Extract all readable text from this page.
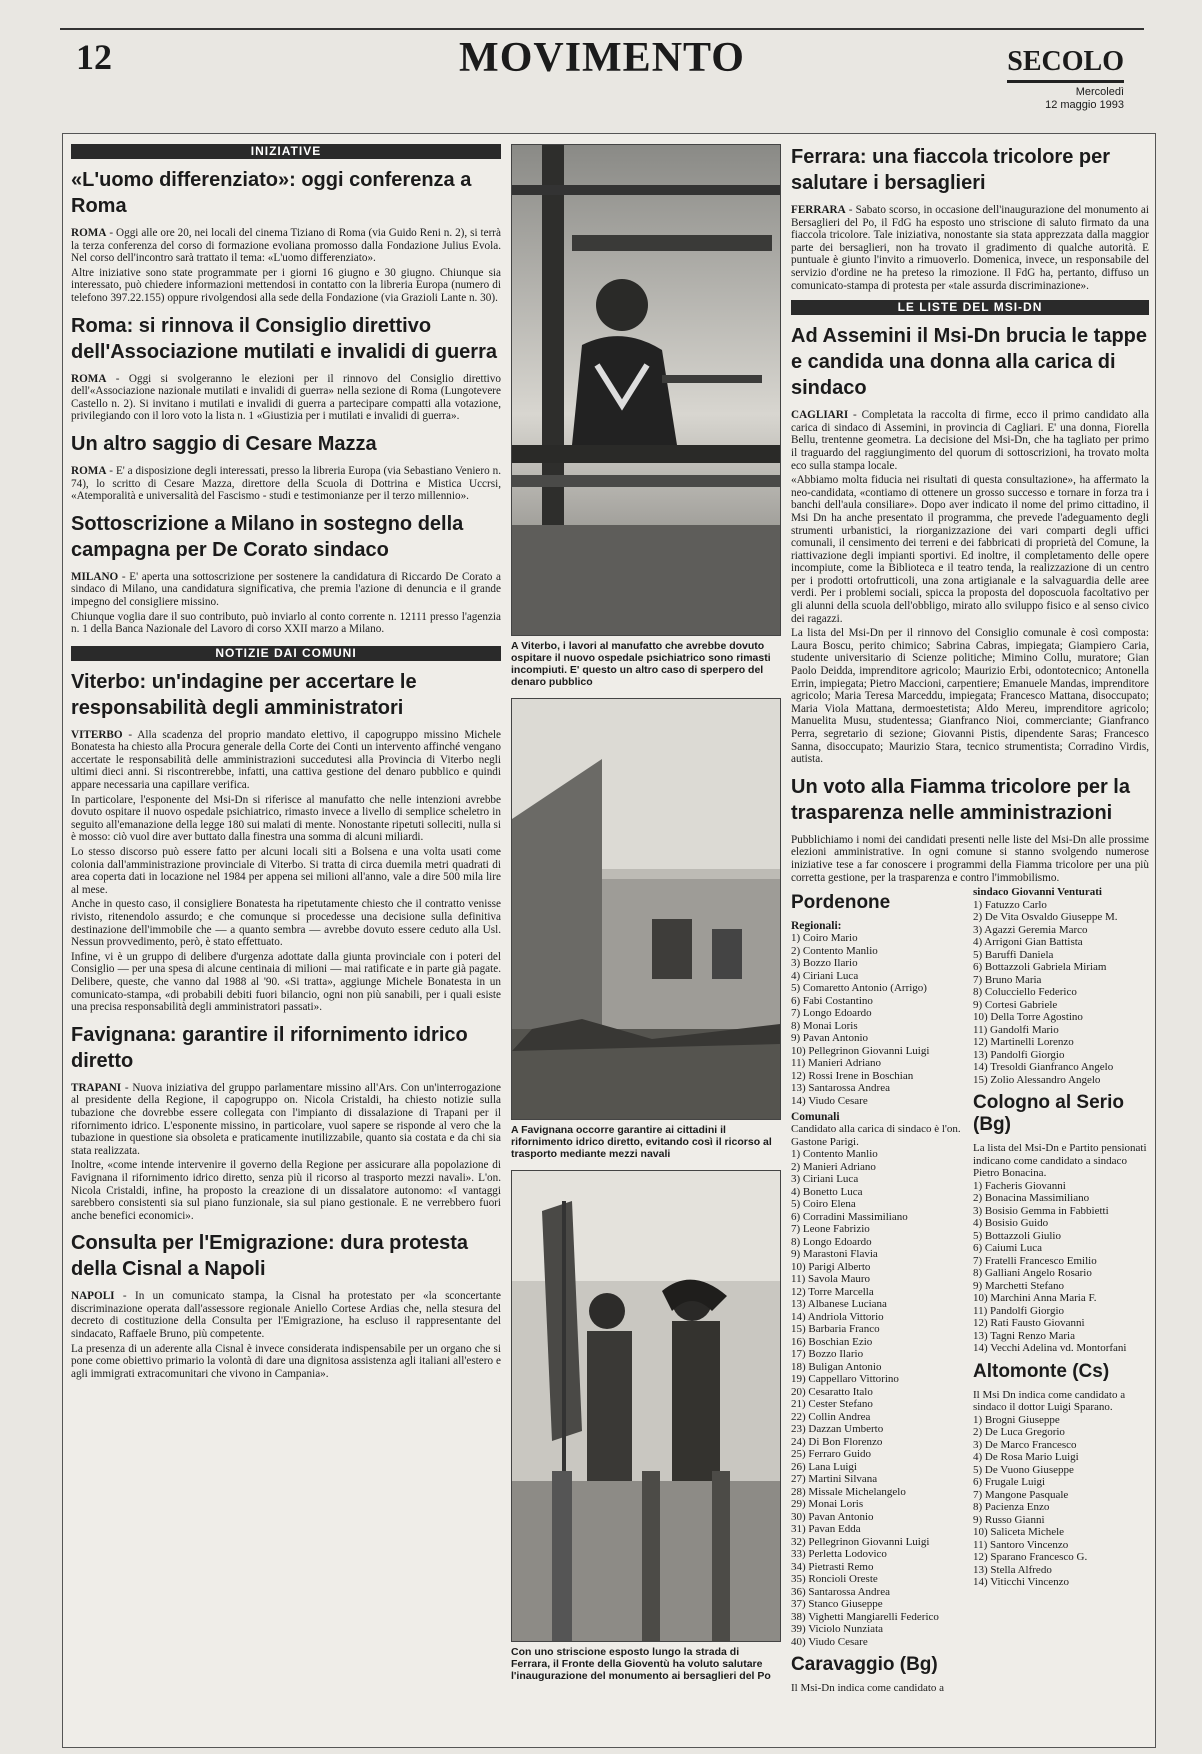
12	MOVIMENTO	SECOLO
Mercoledì
12 maggio 1993
INIZIATIVE
«L'uomo differenziato»: oggi conferenza a Roma

ROMA - Oggi alle ore 20, nei locali del cinema Tiziano di Roma (via Guido Reni n. 2), si terrà la terza conferenza del corso di formazione evoliana promosso dalla Fondazione Julius Evola. Nel corso dell'incontro sarà trattato il tema: «L'uomo differenziato».

Altre iniziative sono state programmate per i giorni 16 giugno e 30 giugno. Chiunque sia interessato, può chiedere informazioni mettendosi in contatto con la libreria Europa (numero di telefono 397.22.155) oppure rivolgendosi alla sede della Fondazione (via Grazioli Lante n. 30).

Roma: si rinnova il Consiglio direttivo dell'Associazione mutilati e invalidi di guerra

ROMA - Oggi si svolgeranno le elezioni per il rinnovo del Consiglio direttivo dell'«Associazione nazionale mutilati e invalidi di guerra» nella sezione di Roma (Lungotevere Castello n. 2). Si invitano i mutilati e invalidi di guerra a partecipare compatti alla votazione, privilegiando con il loro voto la lista n. 1 «Giustizia per i mutilati e invalidi di guerra».

Un altro saggio di Cesare Mazza

ROMA - E' a disposizione degli interessati, presso la libreria Europa (via Sebastiano Veniero n. 74), lo scritto di Cesare Mazza, direttore della Scuola di Dottrina e Mistica Uccrsi, «Atemporalità e universalità del Fascismo - studi e testimonianze per il terzo millennio».

Sottoscrizione a Milano in sostegno della campagna per De Corato sindaco

MILANO - E' aperta una sottoscrizione per sostenere la candidatura di Riccardo De Corato a sindaco di Milano, una candidatura significativa, che premia l'azione di denuncia e il grande impegno del consigliere missino.

Chiunque voglia dare il suo contributo, può inviarlo al conto corrente n. 12111 presso l'agenzia n. 1 della Banca Nazionale del Lavoro di corso XXII marzo a Milano.

NOTIZIE DAI COMUNI
Viterbo: un'indagine per accertare le responsabilità degli amministratori

VITERBO - Alla scadenza del proprio mandato elettivo, il capogruppo missino Michele Bonatesta ha chiesto alla Procura generale della Corte dei Conti un intervento affinché vengano accertate le responsabilità delle amministrazioni succedutesi alla Provincia di Viterbo negli ultimi dieci anni. Si riscontrerebbe, infatti, una cattiva gestione del denaro pubblico e quindi appare necessaria una capillare verifica.

In particolare, l'esponente del Msi-Dn si riferisce al manufatto che nelle intenzioni avrebbe dovuto ospitare il nuovo ospedale psichiatrico, rimasto invece a livello di semplice scheletro in seguito all'emanazione della legge 180 sui malati di mente. Nonostante ripetuti solleciti, nulla si è mosso: ciò vuol dire aver buttato dalla finestra una somma di alcuni miliardi.

Lo stesso discorso può essere fatto per alcuni locali siti a Bolsena e una volta usati come colonia dall'amministrazione provinciale di Viterbo. Si tratta di circa duemila metri quadrati di area coperta dati in locazione nel 1984 per appena sei milioni all'anno, vale a dire 500 mila lire al mese.

Anche in questo caso, il consigliere Bonatesta ha ripetutamente chiesto che il contratto venisse rivisto, ritenendolo assurdo; e che comunque si procedesse una decisione sulla definitiva destinazione dell'immobile che — a quanto sembra — avrebbe dovuto essere ceduto alla Usl. Nessun provvedimento, però, è stato effettuato.

Infine, vi è un gruppo di delibere d'urgenza adottate dalla giunta provinciale con i poteri del Consiglio — per una spesa di alcune centinaia di milioni — mai ratificate e in parte già pagate. Delibere, queste, che vanno dal 1988 al '90. «Si tratta», aggiunge Michele Bonatesta in un comunicato-stampa, «di probabili debiti fuori bilancio, ogni non più sanabili, per i quali esiste una precisa responsabilità degli amministratori passati».

Favignana: garantire il rifornimento idrico diretto

TRAPANI - Nuova iniziativa del gruppo parlamentare missino all'Ars. Con un'interrogazione al presidente della Regione, il capogruppo on. Nicola Cristaldi, ha chiesto notizie sulla tubazione che dovrebbe essere collegata con l'impianto di dissalazione di Trapani per il rifornimento idrico. L'esponente missino, in particolare, vuol sapere se risponde al vero che la tubazione in questione sia obsoleta e praticamente inutilizzabile, quanto sia costata e da chi sia stata realizzata.

Inoltre, «come intende intervenire il governo della Regione per assicurare alla popolazione di Favignana il rifornimento idrico diretto, senza più il ricorso al trasporto mezzi navali». L'on. Nicola Cristaldi, infine, ha proposto la creazione di un dissalatore autonomo: «I vantaggi sarebbero consistenti sia sul piano funzionale, sia sul piano gestionale. E ne verrebbero fuori anche benefici economici».

Consulta per l'Emigrazione: dura protesta della Cisnal a Napoli

NAPOLI - In un comunicato stampa, la Cisnal ha protestato per «la sconcertante discriminazione operata dall'assessore regionale Aniello Cortese Ardias che, nella stesura del decreto di costituzione della Consulta per l'Emigrazione, ha escluso il rappresentante del sindacato, Raffaele Bruno, più competente.

La presenza di un aderente alla Cisnal è invece considerata indispensabile per un organo che si pone come obiettivo primario la volontà di dare una dignitosa assistenza agli italiani all'estero e agli immigrati extracomunitari che vivono in Campania».

A Viterbo, i lavori al manufatto che avrebbe dovuto ospitare il nuovo ospedale psichiatrico sono rimasti incompiuti. E' questo un altro caso di sperpero del denaro pubblico
A Favignana occorre garantire ai cittadini il rifornimento idrico diretto, evitando così il ricorso al trasporto mediante mezzi navali
Con uno striscione esposto lungo la strada di Ferrara, il Fronte della Gioventù ha voluto salutare l'inaugurazione del monumento ai bersaglieri del Po
Ferrara: una fiaccola tricolore per salutare i bersaglieri

FERRARA - Sabato scorso, in occasione dell'inaugurazione del monumento ai Bersaglieri del Po, il FdG ha esposto uno striscione di saluto firmato da una fiaccola tricolore. Tale iniziativa, nonostante sia stata apprezzata dalla maggior parte dei bersaglieri, non ha trovato il gradimento di qualche autorità. E puntuale è giunto l'invito a rimuoverlo. Domenica, invece, un responsabile del servizio d'ordine ne ha preteso la rimozione. Il FdG ha, pertanto, diffuso un comunicato-stampa di protesta per «tale assurda discriminazione».

LE LISTE DEL MSI-DN
Ad Assemini il Msi-Dn brucia le tappe e candida una donna alla carica di sindaco

CAGLIARI - Completata la raccolta di firme, ecco il primo candidato alla carica di sindaco di Assemini, in provincia di Cagliari. E' una donna, Fiorella Bellu, trentenne geometra. La decisione del Msi-Dn, che ha tagliato per primo il traguardo del raggiungimento del quorum di sottoscrizioni, ha trovato molta eco sulla stampa locale.

«Abbiamo molta fiducia nei risultati di questa consultazione», ha affermato la neo-candidata, «contiamo di ottenere un grosso successo e tornare in forza tra i banchi dell'aula consiliare». Dopo aver indicato il nome del primo cittadino, il Msi Dn ha anche presentato il programma, che prevede l'adeguamento degli strumenti urbanistici, la riorganizzazione dei vari comparti degli uffici comunali, il censimento dei terreni e dei fabbricati di proprietà del Comune, la riattivazione degli impianti sportivi. Ed inoltre, il completamento delle opere incompiute, come la Biblioteca e il teatro tenda, la realizzazione di un centro per i prodotti ortofrutticoli, una zona artigianale e la salvaguardia delle aree verdi. Per i problemi sociali, spicca la proposta del doposcuola facoltativo per gli alunni della scuola dell'obbligo, mirato allo sviluppo fisico e al senso civico dei ragazzi.

La lista del Msi-Dn per il rinnovo del Consiglio comunale è così composta: Laura Boscu, perito chimico; Sabrina Cabras, impiegata; Giampiero Caria, studente universitario di Scienze politiche; Mimino Collu, muratore; Gian Paolo Deidda, imprenditore agricolo; Maurizio Erbi, odontotecnico; Antonella Errin, impiegata; Pietro Maccioni, carpentiere; Emanuele Mandas, imprenditore agricolo; Maria Teresa Marceddu, impiegata; Francesco Mattana, disoccupato; Maria Viola Mattana, dermoestetista; Aldo Mereu, imprenditore agricolo; Manuelita Musu, studentessa; Gianfranco Nioi, commerciante; Gianfranco Perra, segretario di sezione; Giovanni Pistis, dipendente Saras; Francesco Sanna, disoccupato; Maurizio Stara, tecnico strumentista; Corradino Virdis, autista.

Un voto alla Fiamma tricolore per la trasparenza nelle amministrazioni

Pubblichiamo i nomi dei candidati presenti nelle liste del Msi-Dn alle prossime elezioni amministrative. In ogni comune si stanno svolgendo numerose iniziative tese a far conoscere i programmi della Fiamma tricolore per una più corretta gestione, per la trasparenza e contro l'immobilismo.

Pordenone
Regionali:
1) Coiro Mario
2) Contento Manlio
3) Bozzo Ilario
4) Ciriani Luca
5) Comaretto Antonio (Arrigo)
6) Fabi Costantino
7) Longo Edoardo
8) Monai Loris
9) Pavan Antonio
10) Pellegrinon Giovanni Luigi
11) Manieri Adriano
12) Rossi Irene in Boschian
13) Santarossa Andrea
14) Viudo Cesare
Comunali
Candidato alla carica di sindaco è l'on. Gastone Parigi.
1) Contento Manlio
2) Manieri Adriano
3) Ciriani Luca
4) Bonetto Luca
5) Coiro Elena
6) Corradini Massimiliano
7) Leone Fabrizio
8) Longo Edoardo
9) Marastoni Flavia
10) Parigi Alberto
11) Savola Mauro
12) Torre Marcella
13) Albanese Luciana
14) Andriola Vittorio
15) Barbaria Franco
16) Boschian Ezio
17) Bozzo Ilario
18) Buligan Antonio
19) Cappellaro Vittorino
20) Cesaratto Italo
21) Cester Stefano
22) Collin Andrea
23) Dazzan Umberto
24) Di Bon Florenzo
25) Ferraro Guido
26) Lana Luigi
27) Martini Silvana
28) Missale Michelangelo
29) Monai Loris
30) Pavan Antonio
31) Pavan Edda
32) Pellegrinon Giovanni Luigi
33) Perletta Lodovico
34) Pietrasti Remo
35) Roncioli Oreste
36) Santarossa Andrea
37) Stanco Giuseppe
38) Vighetti Mangiarelli Federico
39) Viciolo Nunziata
40) Viudo Cesare
Caravaggio (Bg)
Il Msi-Dn indica come candidato a
sindaco Giovanni Venturati
1) Fatuzzo Carlo
2) De Vita Osvaldo Giuseppe M.
3) Agazzi Geremia Marco
4) Arrigoni Gian Battista
5) Baruffi Daniela
6) Bottazzoli Gabriela Miriam
7) Bruno Maria
8) Colucciello Federico
9) Cortesi Gabriele
10) Della Torre Agostino
11) Gandolfi Mario
12) Martinelli Lorenzo
13) Pandolfi Giorgio
14) Tresoldi Gianfranco Angelo
15) Zolio Alessandro Angelo
Cologno al Serio (Bg)
La lista del Msi-Dn e Partito pensionati indicano come candidato a sindaco Pietro Bonacina.
1) Facheris Giovanni
2) Bonacina Massimiliano
3) Bosisio Gemma in Fabbietti
4) Bosisio Guido
5) Bottazzoli Giulio
6) Caiumi Luca
7) Fratelli Francesco Emilio
8) Galliani Angelo Rosario
9) Marchetti Stefano
10) Marchini Anna Maria F.
11) Pandolfi Giorgio
12) Rati Fausto Giovanni
13) Tagni Renzo Maria
14) Vecchi Adelina vd. Montorfani
Altomonte (Cs)
Il Msi Dn indica come candidato a sindaco il dottor Luigi Sparano.
1) Brogni Giuseppe
2) De Luca Gregorio
3) De Marco Francesco
4) De Rosa Mario Luigi
5) De Vuono Giuseppe
6) Frugale Luigi
7) Mangone Pasquale
8) Pacienza Enzo
9) Russo Gianni
10) Saliceta Michele
11) Santoro Vincenzo
12) Sparano Francesco G.
13) Stella Alfredo
14) Viticchi Vincenzo
